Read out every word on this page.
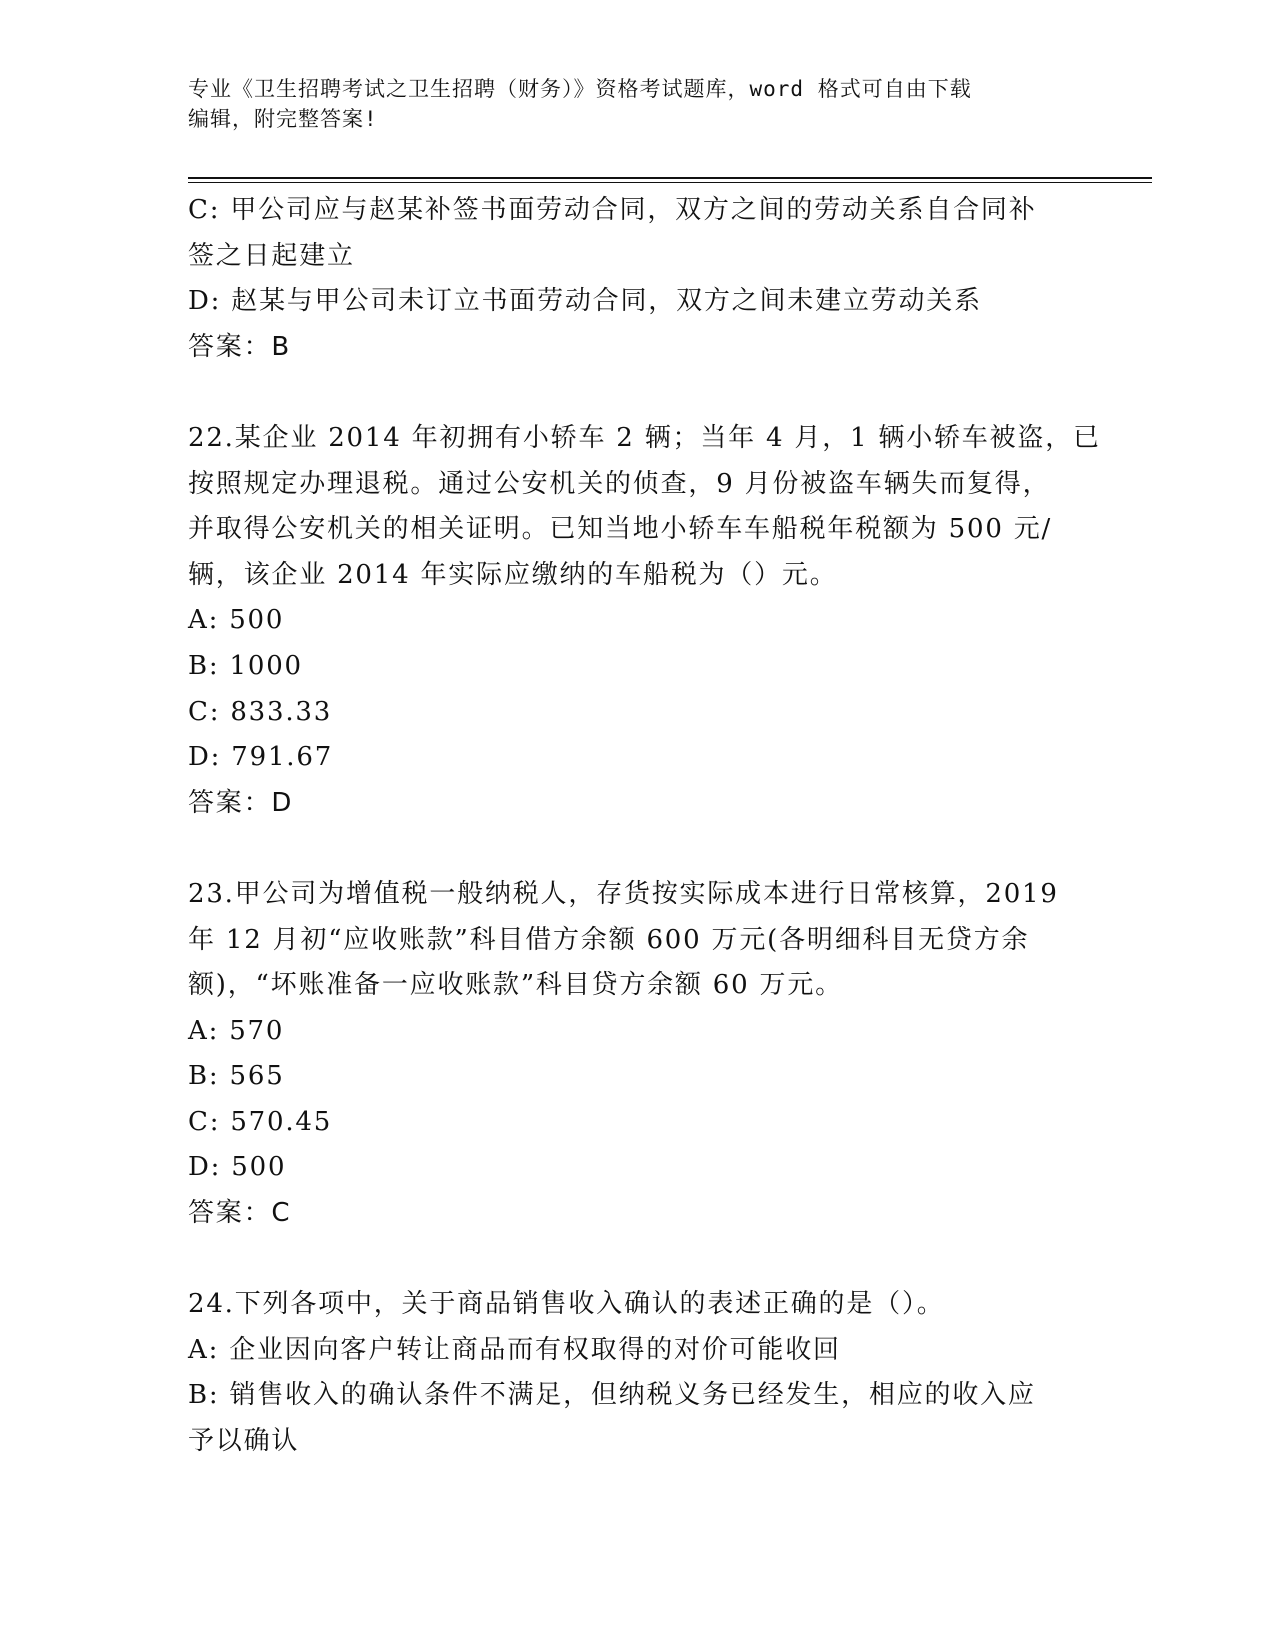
专业《卫生招聘考试之卫生招聘（财务）》资格考试题库，word 格式可自由下载
编辑，附完整答案!
C: 甲公司应与赵某补签书面劳动合同，双方之间的劳动关系自合同补
签之日起建立
D: 赵某与甲公司未订立书面劳动合同，双方之间未建立劳动关系
答案：B
22.某企业 2014 年初拥有小轿车 2 辆；当年 4 月，1 辆小轿车被盗，已
按照规定办理退税。通过公安机关的侦查，9 月份被盗车辆失而复得，
并取得公安机关的相关证明。已知当地小轿车车船税年税额为 500 元/
辆，该企业 2014 年实际应缴纳的车船税为（）元。
A: 500
B: 1000
C: 833.33
D: 791.67
答案：D
23.甲公司为增值税一般纳税人，存货按实际成本进行日常核算，2019
年 12 月初“应收账款”科目借方余额 600 万元(各明细科目无贷方余
额)，“坏账准备一应收账款”科目贷方余额 60 万元。
A: 570
B: 565
C: 570.45
D: 500
答案：C
24.下列各项中，关于商品销售收入确认的表述正确的是（）。
A: 企业因向客户转让商品而有权取得的对价可能收回
B: 销售收入的确认条件不满足，但纳税义务已经发生，相应的收入应
予以确认
